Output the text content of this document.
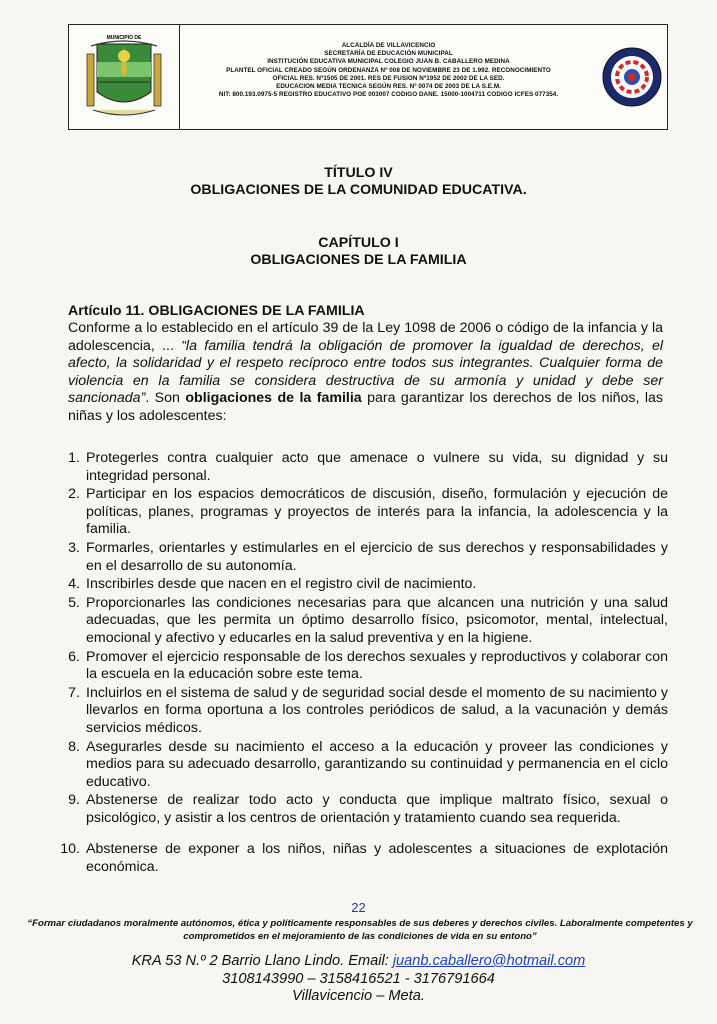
MUNICIPIO DE
ALCALDÍA DE VILLAVICENCIO
SECRETARÍA DE EDUCACIÓN MUNICIPAL
INSTITUCIÓN EDUCATIVA MUNICIPAL COLEGIO JUAN B. CABALLERO MEDINA
PLANTEL OFICIAL CREADO SEGÚN ORDENANZA Nº 008 DE NOVIEMBRE 23 DE 1.992. RECONOCIMIENTO
OFICIAL RES. Nº1505 DE 2001. RES DE FUSION Nº1952 DE 2002 DE LA SED.
EDUCACION MEDIA TECNICA SEGÚN RES. Nº 0074 DE 2003 DE LA S.E.M.
NIT: 800.193.0975-5 REGISTRO EDUCATIVO POE 003007 CODIGO DANE. 15000-1004711 CODIGO ICFES 077354.
TÍTULO IV
OBLIGACIONES DE LA COMUNIDAD EDUCATIVA.
CAPÍTULO I
OBLIGACIONES DE LA FAMILIA
Artículo 11. OBLIGACIONES DE LA FAMILIA

Conforme a lo establecido en el artículo 39 de la Ley 1098 de 2006 o código de la infancia y la adolescencia, ... “la familia tendrá la obligación de promover la igualdad de derechos, el afecto, la solidaridad y el respeto recíproco entre todos sus integrantes. Cualquier forma de violencia en la familia se considera destructiva de su armonía y unidad y debe ser sancionada”. Son obligaciones de la familia para garantizar los derechos de los niños, las niñas y los adolescentes:

1. Protegerles contra cualquier acto que amenace o vulnere su vida, su dignidad y su integridad personal.
2. Participar en los espacios democráticos de discusión, diseño, formulación y ejecución de políticas, planes, programas y proyectos de interés para la infancia, la adolescencia y la familia.
3. Formarles, orientarles y estimularles en el ejercicio de sus derechos y responsabilidades y en el desarrollo de su autonomía.
4. Inscribirles desde que nacen en el registro civil de nacimiento.
5. Proporcionarles las condiciones necesarias para que alcancen una nutrición y una salud adecuadas, que les permita un óptimo desarrollo físico, psicomotor, mental, intelectual, emocional y afectivo y educarles en la salud preventiva y en la higiene.
6. Promover el ejercicio responsable de los derechos sexuales y reproductivos y colaborar con la escuela en la educación sobre este tema.
7. Incluirlos en el sistema de salud y de seguridad social desde el momento de su nacimiento y llevarlos en forma oportuna a los controles periódicos de salud, a la vacunación y demás servicios médicos.
8. Asegurarles desde su nacimiento el acceso a la educación y proveer las condiciones y medios para su adecuado desarrollo, garantizando su continuidad y permanencia en el ciclo educativo.
9. Abstenerse de realizar todo acto y conducta que implique maltrato físico, sexual o psicológico, y asistir a los centros de orientación y tratamiento cuando sea requerida.
10. Abstenerse de exponer a los niños, niñas y adolescentes a situaciones de explotación económica.
22
“Formar ciudadanos moralmente autónomos, ética y políticamente responsables de sus deberes y derechos civiles. Laboralmente competentes y comprometidos en el mejoramiento de las condiciones de vida en su entono”
KRA 53 N.º 2 Barrio Llano Lindo. Email: juanb.caballero@hotmail.com
3108143990 – 3158416521 - 3176791664
Villavicencio – Meta.
